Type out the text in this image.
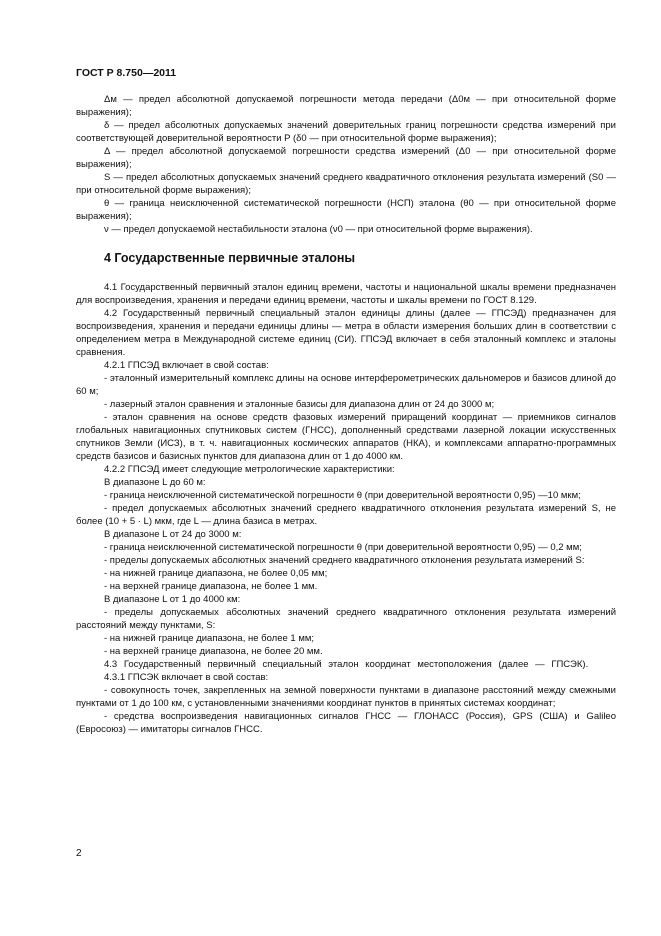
ГОСТ Р 8.750—2011

Δм — предел абсолютной допускаемой погрешности метода передачи (Δ0м — при относительной форме выражения);

δ — предел абсолютных допускаемых значений доверительных границ погрешности средства измерений при соответствующей доверительной вероятности P (δ0 — при относительной форме выражения);

Δ — предел абсолютной допускаемой погрешности средства измерений (Δ0 — при относительной форме выражения);

S — предел абсолютных допускаемых значений среднего квадратичного отклонения результата измерений (S0 — при относительной форме выражения);

θ — граница неисключенной систематической погрешности (НСП) эталона (θ0 — при относительной форме выражения);

ν — предел допускаемой нестабильности эталона (ν0 — при относительной форме выражения).

4 Государственные первичные эталоны

4.1 Государственный первичный эталон единиц времени, частоты и национальной шкалы времени предназначен для воспроизведения, хранения и передачи единиц времени, частоты и шкалы времени по ГОСТ 8.129.

4.2 Государственный первичный специальный эталон единицы длины (далее — ГПСЭД) предназначен для воспроизведения, хранения и передачи единицы длины — метра в области измерения больших длин в соответствии с определением метра в Международной системе единиц (СИ). ГПСЭД включает в себя эталонный комплекс и эталоны сравнения.

4.2.1 ГПСЭД включает в свой состав:

- эталонный измерительный комплекс длины на основе интерферометрических дальномеров и базисов длиной до 60 м;

- лазерный эталон сравнения и эталонные базисы для диапазона длин от 24 до 3000 м;

- эталон сравнения на основе средств фазовых измерений приращений координат — приемников сигналов глобальных навигационных спутниковых систем (ГНСС), дополненный средствами лазерной локации искусственных спутников Земли (ИСЗ), в т. ч. навигационных космических аппаратов (НКА), и комплексами аппаратно-программных средств базисов и базисных пунктов для диапазона длин от 1 до 4000 км.

4.2.2 ГПСЭД имеет следующие метрологические характеристики:

В диапазоне L до 60 м:

- граница неисключенной систематической погрешности θ (при доверительной вероятности 0,95) —10 мкм;

- предел допускаемых абсолютных значений среднего квадратичного отклонения результата измерений S, не более (10 + 5 · L) мкм, где L — длина базиса в метрах.

В диапазоне L от 24 до 3000 м:

- граница неисключенной систематической погрешности θ (при доверительной вероятности 0,95) — 0,2 мм;

- пределы допускаемых абсолютных значений среднего квадратичного отклонения результата измерений S:

- на нижней границе диапазона, не более 0,05 мм;

- на верхней границе диапазона, не более 1 мм.

В диапазоне L от 1 до 4000 км:

- пределы допускаемых абсолютных значений среднего квадратичного отклонения результата измерений расстояний между пунктами, S:

- на нижней границе диапазона, не более 1 мм;

- на верхней границе диапазона, не более 20 мм.

4.3 Государственный первичный специальный эталон координат местоположения (далее — ГПСЭК).

4.3.1 ГПСЭК включает в свой состав:

- совокупность точек, закрепленных на земной поверхности пунктами в диапазоне расстояний между смежными пунктами от 1 до 100 км, с установленными значениями координат пунктов в принятых системах координат;

- средства воспроизведения навигационных сигналов ГНСС — ГЛОНАСС (Россия), GPS (США) и Galileo (Евросоюз) — имитаторы сигналов ГНСС.

2
